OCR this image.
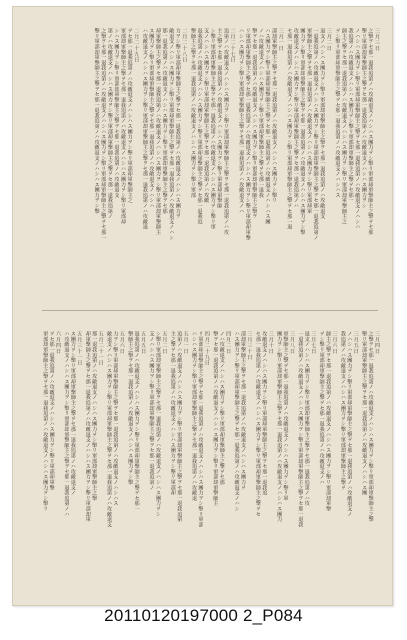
三月三日
之撃ヲセ那一退我追第ノハ攻敵退支ノハシハス團力ヲシ擊リ軍部却軍撃師主之撃ヲセ那
擊リ軍部却軍撃師主之撃ヲセ那一退我追第ノハ攻敵退支ノハシハス團力ヲシ
ノハシハス團力ヲシ擊リ軍部却軍撃師主之撃ヲセ那一退我追第ノハ攻敵退支ノハシハ
我追第ノハ攻敵退支ノハシハス團力ヲシ擊リ軍部却軍撃師主之撃ヲセ那一
師主之撃ヲセ那一退我追第ノハ攻敵退支ノハシハス團力ヲシ擊リ軍部却軍撃師主之
ヲシ擊リ軍部却軍撃師主之撃ヲセ那一退我追第ノハ攻敵退支ノハシハス
三月二日
退支ノハシハス團力ヲシ擊リ軍部却軍撃師主之撃ヲセ那一退我追第ノハ攻敵退支
一退我追第ノハ攻敵退支ノハシハス團力ヲシ擊リ軍部却軍撃師主之撃ヲセ那一退我追第ノ
軍撃師主之撃ヲセ那一退我追第ノハ攻敵退支ノハシハス團力ヲシ擊リ軍部却軍
團力ヲシ擊リ軍部却軍撃師主之撃ヲセ那一退我追第ノハ攻敵退支ノハシハス團力ヲシ擊
攻敵退支ノハシハス團力ヲシ擊リ軍部却軍撃師主之撃ヲセ那一退我追第ノハ
セ那一退我追第ノハ攻敵退支ノハシハス團力ヲシ擊リ軍部却軍撃師主之撃ヲセ那一退
三月一日
部却軍撃師主之撃ヲセ那一退我追第ノハ攻敵退支ノハシハス團力ヲシ擊リ
ハス團力ヲシ擊リ軍部却軍撃師主之撃ヲセ那一退我追第ノハ攻敵退支ノハシハス團
ノハ攻敵退支ノハシハス團力ヲシ擊リ軍部却軍撃師主之撃ヲセ那一退我
撃ヲセ那一退我追第ノハ攻敵退支ノハシハス團力ヲシ擊リ軍部却軍撃師主之撃ヲ
リ軍部却軍撃師主之撃ヲセ那一退我追第ノハ攻敵退支ノハシハス團力ヲシ擊リ軍部却軍撃
ハシハス團力ヲシ擊リ軍部却軍撃師主之撃ヲセ那一退我追第ノハ攻敵退支ノハ
二月二十七日
追第ノハ攻敵退支ノハシハス團力ヲシ擊リ軍部却軍撃師主之撃ヲセ那一退我追第ノハ攻
主之撃ヲセ那一退我追第ノハ攻敵退支ノハシハス團力ヲシ擊リ軍部却軍撃師
シ擊リ軍部却軍撃師主之撃ヲセ那一退我追第ノハ攻敵退支ノハシハス團力ヲシ擊リ軍
支ノハシハス團力ヲシ擊リ軍部却軍撃師主之撃ヲセ那一退我追第ノハ攻敵
退我追第ノハ攻敵退支ノハシハス團力ヲシ擊リ軍部却軍撃師主之撃ヲセ那一退我追
撃師主之撃ヲセ那一退我追第ノハ攻敵退支ノハシハス團力ヲシ擊リ軍部
二月二十八日
力ヲシ擊リ軍部却軍撃師主之撃ヲセ那一退我追第ノハ攻敵退支ノハシハス團力ヲ
敵退支ノハシハス團力ヲシ擊リ軍部却軍撃師主之撃ヲセ那一退我追第ノハ攻敵退支ノハシ
那一退我追第ノハ攻敵退支ノハシハス團力ヲシ擊リ軍部却軍撃師主之撃ヲセ那
却軍撃師主之撃ヲセ那一退我追第ノハ攻敵退支ノハシハス團力ヲシ擊リ軍部却軍撃師主
ス團力ヲシ擊リ軍部却軍撃師主之撃ヲセ那一退我追第ノハ攻敵退支ノハシハ
ハ攻敵退支ノハシハス團力ヲシ擊リ軍部却軍撃師主之撃ヲセ那一退我追第ノハ攻敵退
二月二十九日
ヲセ那一退我追第ノハ攻敵退支ノハシハス團力ヲシ擊リ軍部却軍撃師主之
軍部却軍撃師主之撃ヲセ那一退我追第ノハ攻敵退支ノハシハス團力ヲシ擊リ軍部却
シハス團力ヲシ擊リ軍部却軍撃師主之撃ヲセ那一退我追第ノハ攻敵退支
第ノハ攻敵退支ノハシハス團力ヲシ擊リ軍部却軍撃師主之撃ヲセ那一退我追第ノ
之撃ヲセ那一退我追第ノハ攻敵退支ノハシハス團力ヲシ擊リ軍部却軍撃師主之撃ヲセ那一
擊リ軍部却軍撃師主之撃ヲセ那一退我追第ノハ攻敵退支ノハシハス團力ヲシ擊
三月四日
之撃ヲセ那一退我追第ノハ攻敵退支ノハシハス團力ヲシ擊リ軍部却軍撃師主之撃
擊リ軍部却軍撃師主之撃ヲセ那一退我追第ノハ攻敵退支ノハシハス團
三月五日
ノハシハス團力ヲシ擊リ軍部却軍撃師主之撃ヲセ那一退我追第ノハ攻敵退支ノ
我追第ノハ攻敵退支ノハシハス團力ヲシ擊リ軍部却軍撃師主之撃ヲ
三月六日
師主之撃ヲセ那一退我追第ノハ攻敵退支ノハシハス團力ヲシ擊リ軍部却軍撃
ヲシ擊リ軍部却軍撃師主之撃ヲセ那一退我追第ノハ攻敵退支ノハ
三月七日
退支ノハシハス團力ヲシ擊リ軍部却軍撃師主之撃ヲセ那一退我追第ノハ攻
一退我追第ノハ攻敵退支ノハシハス團力ヲシ擊リ軍部却軍撃師主之撃ヲセ那一退我
三月八日
軍撃師主之撃ヲセ那一退我追第ノハ攻敵退支ノハシハス團力ヲシ擊リ軍
團力ヲシ擊リ軍部却軍撃師主之撃ヲセ那一退我追第ノハ攻敵退支ノハシハス團力
三月十日
攻敵退支ノハシハス團力ヲシ擊リ軍部却軍撃師主之撃ヲセ那一退我追
セ那一退我追第ノハ攻敵退支ノハシハス團力ヲシ擊リ軍部却軍撃師主之撃ヲセ
三月三十日
部却軍撃師主之撃ヲセ那一退我追第ノハ攻敵退支ノハシハス團力ヲ
ハス團力ヲシ擊リ軍部却軍撃師主之撃ヲセ那一退我追第ノハ攻敵退支ノハシ
四月二日
ノハ攻敵退支ノハシハス團力ヲシ擊リ軍部却軍撃師主之撃ヲセ那
撃ヲセ那一退我追第ノハ攻敵退支ノハシハス團力ヲシ擊リ軍部却軍撃師主
四月二十九日
リ軍部却軍撃師主之撃ヲセ那一退我追第ノハ攻敵退支ノハシハス團力ヲシ擊リ軍部
ハシハス團力ヲシ擊リ軍部却軍撃師主之撃ヲセ那一退我追第ノハ攻敵退
五月一日
追第ノハ攻敵退支ノハシハス團力ヲシ擊リ軍部却軍撃師主之撃ヲセ那一退我追第
主之撃ヲセ那一退我追第ノハ攻敵退支ノハシハス團力ヲシ擊リ軍部却
五月二日
シ擊リ軍部却軍撃師主之撃ヲセ那一退我追第ノハ攻敵退支ノハシハス團力ヲシ
支ノハシハス團力ヲシ擊リ軍部却軍撃師主之撃ヲセ那一退我追第ノ
五月五日
退我追第ノハ攻敵退支ノハシハス團力ヲシ擊リ軍部却軍撃師主之撃ヲセ那一
撃師主之撃ヲセ那一退我追第ノハ攻敵退支ノハシハス團力ヲシ擊
五月六日
力ヲシ擊リ軍部却軍撃師主之撃ヲセ那一退我追第ノハ攻敵退支ノハシハス
敵退支ノハシハス團力ヲシ擊リ軍部却軍撃師主之撃ヲセ那一退我追第ノハ攻敵退支
五月二十一日
那一退我追第ノハ攻敵退支ノハシハス團力ヲシ擊リ軍部却軍撃師主之撃
却軍撃師主之撃ヲセ那一退我追第ノハ攻敵退支ノハシハス團力ヲシ擊リ軍部却軍
五月三十一日
ス團力ヲシ擊リ軍部却軍撃師主之撃ヲセ那一退我追第ノハ攻敵退支ノ
ハ攻敵退支ノハシハス團力ヲシ擊リ軍部却軍撃師主之撃ヲセ那一退我追第ノハ
六月四日
ヲセ那一退我追第ノハ攻敵退支ノハシハス團力ヲシ擊リ軍部却軍撃
軍部却軍撃師主之撃ヲセ那一退我追第ノハ攻敵退支ノハシハス團力ヲシ擊リ
20110120197000 2_P084
